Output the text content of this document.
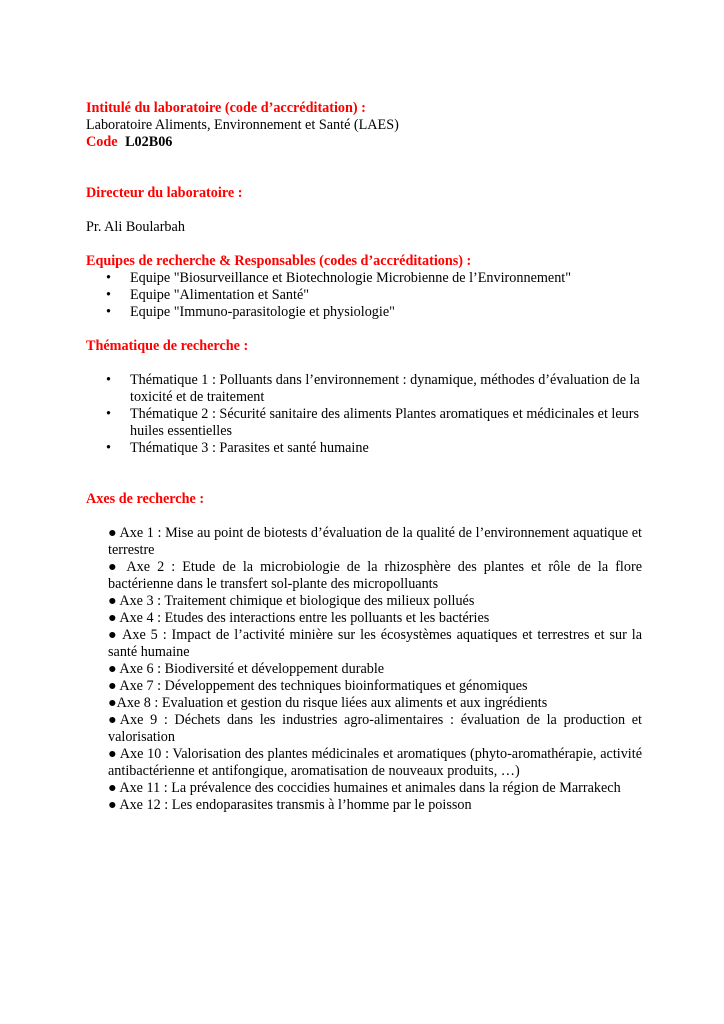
Intitulé du laboratoire (code d’accréditation) :

Laboratoire Aliments, Environnement et Santé (LAES)

Code L02B06

Directeur du laboratoire :

Pr. Ali Boularbah

Equipes de recherche & Responsables (codes d’accréditations) :

• Equipe "Biosurveillance et Biotechnologie Microbienne de l’Environnement"
• Equipe "Alimentation et Santé"
• Equipe "Immuno-parasitologie et physiologie"

Thématique de recherche :

• Thématique 1 : Polluants dans l’environnement : dynamique, méthodes d’évaluation de la toxicité et de traitement
• Thématique 2 : Sécurité sanitaire des aliments Plantes aromatiques et médicinales et leurs huiles essentielles
• Thématique 3 : Parasites et santé humaine

Axes de recherche :

● Axe 1 : Mise au point de biotests d’évaluation de la qualité de l’environnement aquatique et terrestre

● Axe 2 : Etude de la microbiologie de la rhizosphère des plantes et rôle de la flore bactérienne dans le transfert sol-plante des micropolluants

● Axe 3 : Traitement chimique et biologique des milieux pollués

● Axe 4 : Etudes des interactions entre les polluants et les bactéries

● Axe 5 : Impact de l’activité minière sur les écosystèmes aquatiques et terrestres et sur la santé humaine

● Axe 6 : Biodiversité et développement durable

● Axe 7 : Développement des techniques bioinformatiques et génomiques

●Axe 8 : Evaluation et gestion du risque liées aux aliments et aux ingrédients

●Axe 9 : Déchets dans les industries agro-alimentaires : évaluation de la production et valorisation

● Axe 10 : Valorisation des plantes médicinales et aromatiques (phyto-aromathérapie, activité antibactérienne et antifongique, aromatisation de nouveaux produits, …)

● Axe 11 : La prévalence des coccidies humaines et animales dans la région de Marrakech

● Axe 12 : Les endoparasites transmis à l’homme par le poisson
